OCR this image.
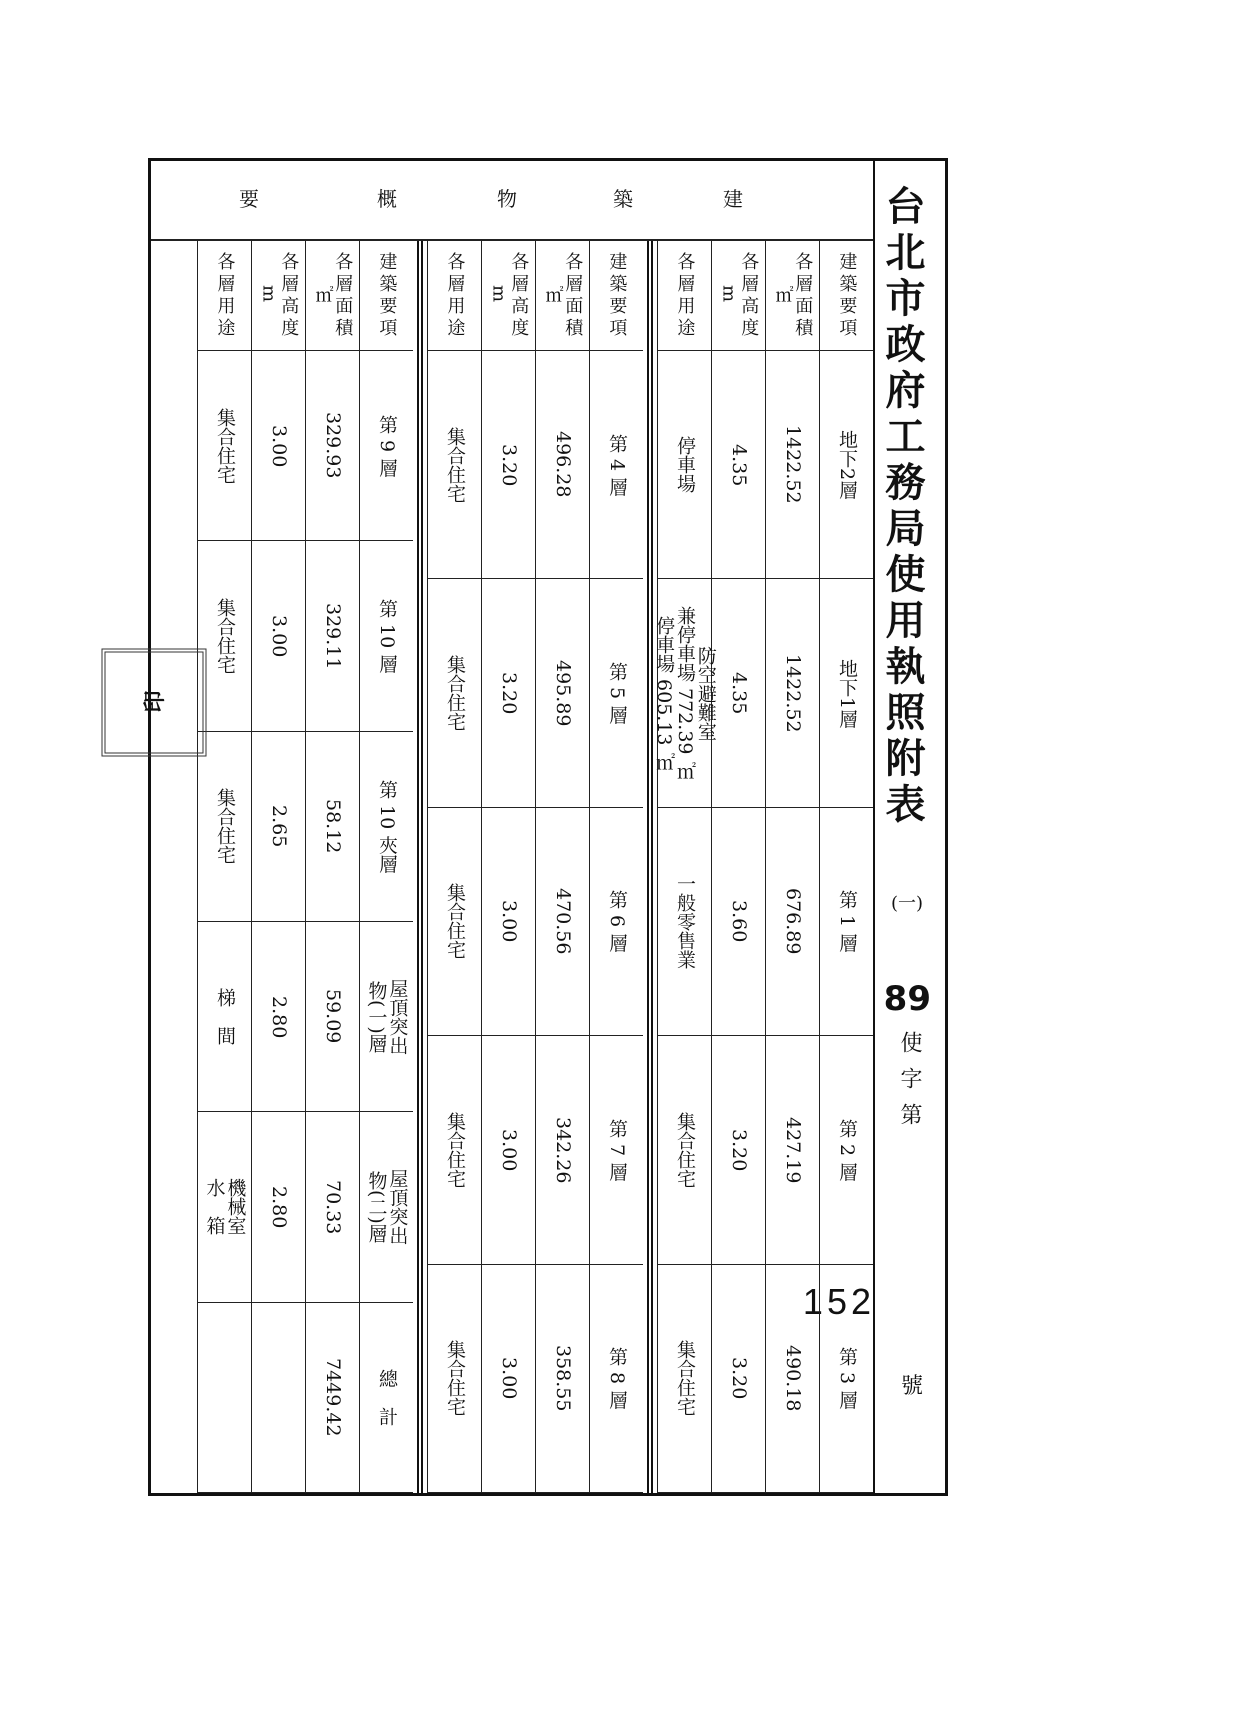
台北市政府工務局使用執照附表
(一)
89
使字第
號
152
建
築
物
概
要
建築要項
地下2層
地下1層
第 1 層
第 2 層
第 3 層
各層面積㎡
1422.52
1422.52
676.89
427.19
490.18
各層高度 m
4.35
4.35
3.60
3.20
3.20
各層用途
停車場
防空避難室
兼停車場 772.39 ㎡
停車場 605.13 ㎡
一般零售業
集合住宅
集合住宅
建築要項
第 4 層
第 5 層
第 6 層
第 7 層
第 8 層
各層面積㎡
496.28
495.89
470.56
342.26
358.55
各層高度 m
3.20
3.20
3.00
3.00
3.00
各層用途
集合住宅
集合住宅
集合住宅
集合住宅
集合住宅
建築要項
第 9 層
第 10 層
第 10 夾層
屋頂突出
物(一)層
屋頂突出
物(二)層
總　計
各層面積㎡
329.93
329.11
58.12
59.09
70.33
7449.42
各層高度 m
3.00
3.00
2.65
2.80
2.80
各層用途
集合住宅
集合住宅
集合住宅
梯　間
機械室
水　箱
印
